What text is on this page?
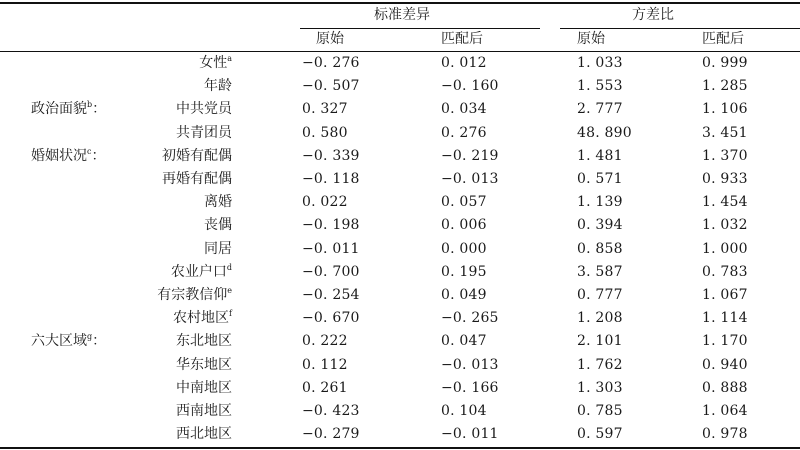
标准差异	方差比
原始	匹配后	原始	匹配后
女性$^a$	−0. 276	0. 012	1. 033	0. 999
年龄	−0. 507	−0. 160	1. 553	1. 285
政治面貌$^b$：	中共党员	0. 327	0. 034	2. 777	1. 106
共青团员	0. 580	0. 276	48. 890	3. 451
婚姻状况$^c$：	初婚有配偶	−0. 339	−0. 219	1. 481	1. 370
再婚有配偶	−0. 118	−0. 013	0. 571	0. 933
离婚	0. 022	0. 057	1. 139	1. 454
丧偶	−0. 198	0. 006	0. 394	1. 032
同居	−0. 011	0. 000	0. 858	1. 000
农业户口$^d$	−0. 700	0. 195	3. 587	0. 783
有宗教信仰$^e$	−0. 254	0. 049	0. 777	1. 067
农村地区$^f$	−0. 670	−0. 265	1. 208	1. 114
六大区域$^g$：	东北地区	0. 222	0. 047	2. 101	1. 170
华东地区	0. 112	−0. 013	1. 762	0. 940
中南地区	0. 261	−0. 166	1. 303	0. 888
西南地区	−0. 423	0. 104	0. 785	1. 064
西北地区	−0. 279	−0. 011	0. 597	0. 978
